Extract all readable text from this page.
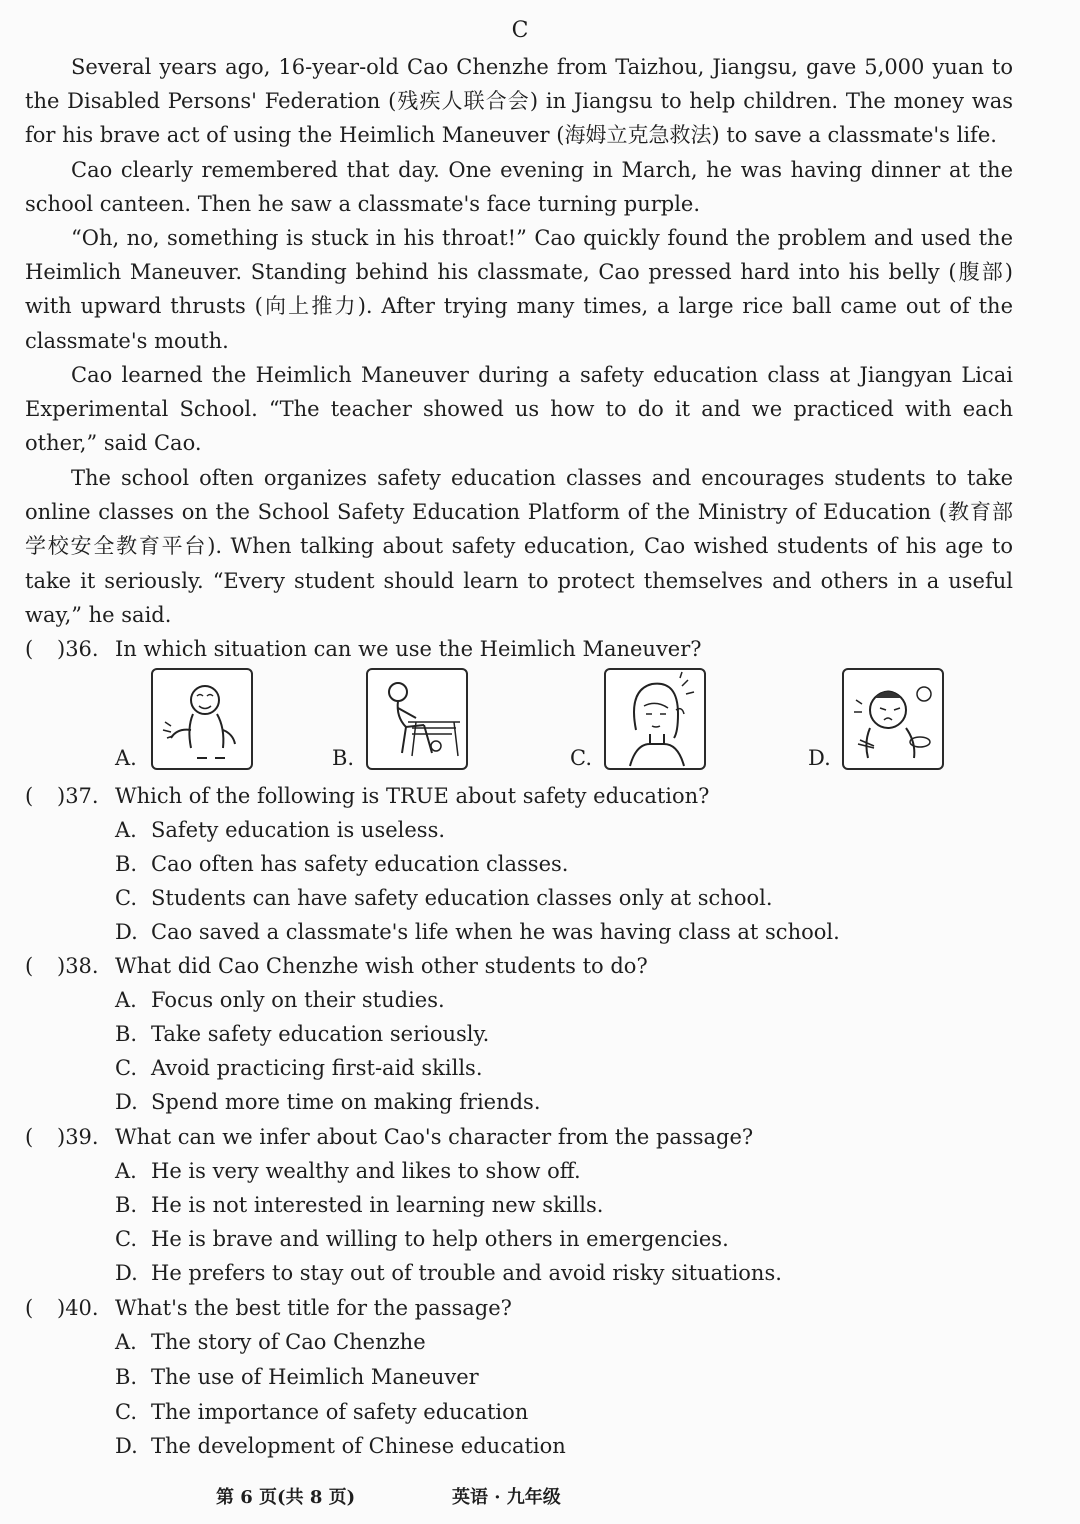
C

Several years ago, 16-year-old Cao Chenzhe from Taizhou, Jiangsu, gave 5,000 yuan to the Disabled Persons' Federation (残疾人联合会) in Jiangsu to help children. The money was for his brave act of using the Heimlich Maneuver (海姆立克急救法) to save a classmate's life.

Cao clearly remembered that day. One evening in March, he was having dinner at the school canteen. Then he saw a classmate's face turning purple.

“Oh, no, something is stuck in his throat!” Cao quickly found the problem and used the Heimlich Maneuver. Standing behind his classmate, Cao pressed hard into his belly (腹部) with upward thrusts (向上推力). After trying many times, a large rice ball came out of the classmate's mouth.

Cao learned the Heimlich Maneuver during a safety education class at Jiangyan Licai Experimental School. “The teacher showed us how to do it and we practiced with each other,” said Cao.

The school often organizes safety education classes and encourages students to take online classes on the School Safety Education Platform of the Ministry of Education (教育部学校安全教育平台). When talking about safety education, Cao wished students of his age to take it seriously. “Every student should learn to protect themselves and others in a useful way,” he said.

( )36. In which situation can we use the Heimlich Maneuver?
A.	B.	C.	D.
( )37. Which of the following is TRUE about safety education?
A. Safety education is useless.
B. Cao often has safety education classes.
C. Students can have safety education classes only at school.
D. Cao saved a classmate's life when he was having class at school.
( )38. What did Cao Chenzhe wish other students to do?
A. Focus only on their studies.
B. Take safety education seriously.
C. Avoid practicing first-aid skills.
D. Spend more time on making friends.
( )39. What can we infer about Cao's character from the passage?
A. He is very wealthy and likes to show off.
B. He is not interested in learning new skills.
C. He is brave and willing to help others in emergencies.
D. He prefers to stay out of trouble and avoid risky situations.
( )40. What's the best title for the passage?
A. The story of Cao Chenzhe
B. The use of Heimlich Maneuver
C. The importance of safety education
D. The development of Chinese education
第 6 页(共 8 页)	英语 · 九年级
